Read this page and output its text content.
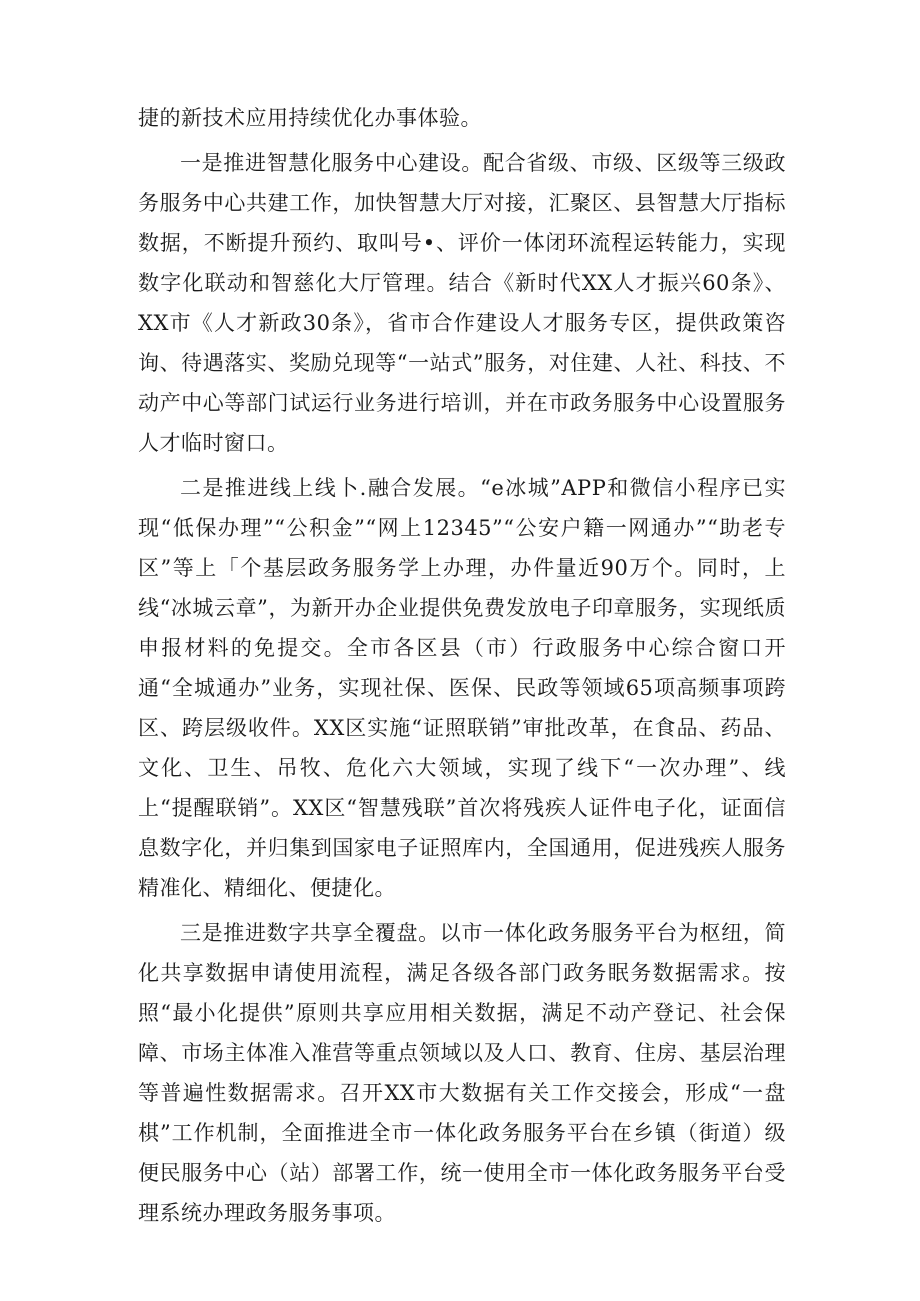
捷的新技术应用持续优化办事体验。

一是推进智慧化服务中心建设。配合省级、市级、区级等三级政务服务中心共建工作，加快智慧大厅对接，汇聚区、县智慧大厅指标数据，不断提升预约、取叫号•、评价一体闭环流程运转能力，实现数字化联动和智慈化大厅管理。结合《新时代XX人才振兴60条》、XX市《人才新政30条》，省市合作建设人才服务专区，提供政策咨询、待遇落实、奖励兑现等“一站式”服务，对住建、人社、科技、不动产中心等部门试运行业务进行培训，并在市政务服务中心设置服务人才临时窗口。

二是推进线上线卜.融合发展。“e冰城”APP和微信小程序已实现“低保办理”“公积金”“网上12345”“公安户籍一网通办”“助老专区”等上「个基层政务服务学上办理，办件量近90万个。同时，上线“冰城云章”，为新开办企业提供免费发放电子印章服务，实现纸质申报材料的免提交。全市各区县（市）行政服务中心综合窗口开通“全城通办”业务，实现社保、医保、民政等领域65项高频事项跨区、跨层级收件。XX区实施“证照联销”审批改革，在食品、药品、文化、卫生、吊牧、危化六大领域，实现了线下“一次办理”、线上“提醒联销”。XX区“智慧残联”首次将残疾人证件电子化，证面信息数字化，并归集到国家电子证照库内，全国通用，促进残疾人服务精准化、精细化、便捷化。

三是推进数字共享全覆盘。以市一体化政务服务平台为枢纽，简化共享数据申请使用流程，满足各级各部门政务眠务数据需求。按照“最小化提供”原则共享应用相关数据，满足不动产登记、社会保障、市场主体准入准营等重点领域以及人口、教育、住房、基层治理等普遍性数据需求。召开XX市大数据有关工作交接会，形成“一盘棋”工作机制，全面推进全市一体化政务服务平台在乡镇（街道）级便民服务中心（站）部署工作，统一使用全市一体化政务服务平台受理系统办理政务服务事项。
